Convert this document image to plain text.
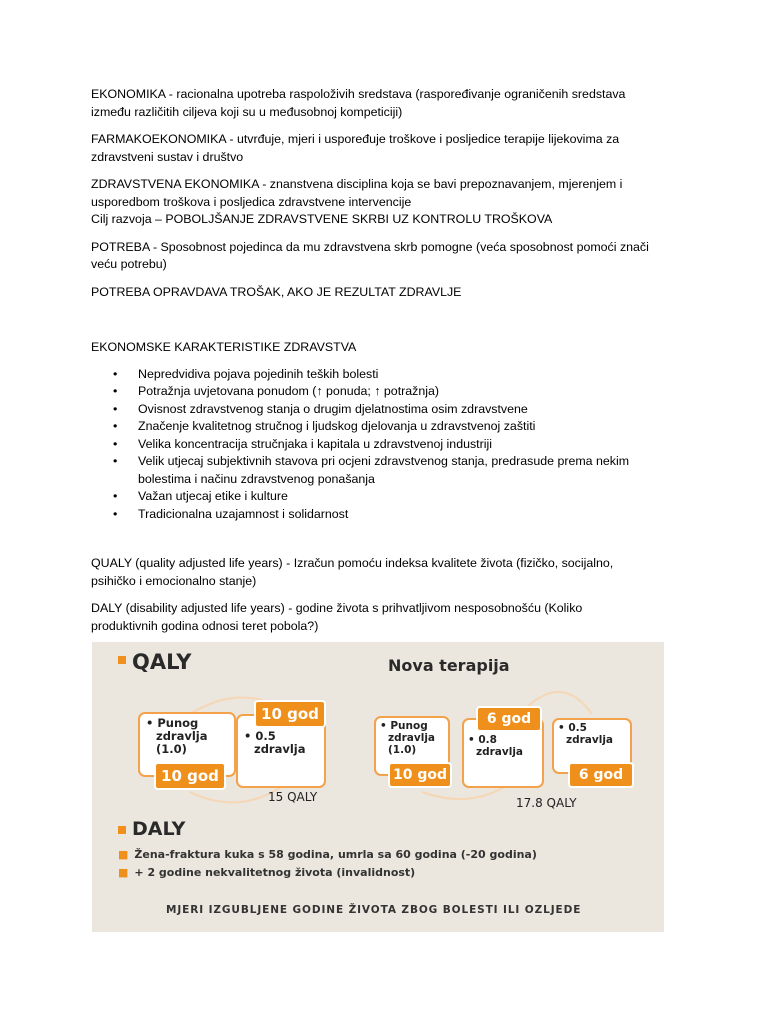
EKONOMIKA - racionalna upotreba raspoloživih sredstava (raspoređivanje ograničenih sredstava
između različitih ciljeva koji su u međusobnoj kompeticiji)
FARMAKOEKONOMIKA - utvrđuje, mjeri i uspoređuje troškove i posljedice terapije lijekovima za
zdravstveni sustav i društvo
ZDRAVSTVENA EKONOMIKA - znanstvena disciplina koja se bavi prepoznavanjem, mjerenjem i
usporedbom troškova i posljedica zdravstvene intervencije
Cilj razvoja – POBOLJŠANJE ZDRAVSTVENE SKRBI UZ KONTROLU TROŠKOVA
POTREBA - Sposobnost pojedinca da mu zdravstvena skrb pomogne (veća sposobnost pomoći znači
veću potrebu)
POTREBA OPRAVDAVA TROŠAK, AKO JE REZULTAT ZDRAVLJE
EKONOMSKE KARAKTERISTIKE ZDRAVSTVA
• Nepredvidiva pojava pojedinih teških bolesti
• Potražnja uvjetovana ponudom (↑ ponuda; ↑ potražnja)
• Ovisnost zdravstvenog stanja o drugim djelatnostima osim zdravstvene
• Značenje kvalitetnog stručnog i ljudskog djelovanja u zdravstvenoj zaštiti
• Velika koncentracija stručnjaka i kapitala u zdravstvenoj industriji
• Velik utjecaj subjektivnih stavova pri ocjeni zdravstvenog stanja, predrasude prema nekim
bolestima i načinu zdravstvenog ponašanja
• Važan utjecaj etike i kulture
• Tradicionalna uzajamnost i solidarnost
QUALY (quality adjusted life years) - Izračun pomoću indeksa kvalitete života (fizičko, socijalno,
psihičko i emocionalno stanje)
DALY (disability adjusted life years) - godine života s prihvatljivom nesposobnošću (Koliko
produktivnih godina odnosi teret pobola?)
QALY	Nova terapija
• Punog
zdravlja
(1.0)
10 god
• 0.5
zdravlja
10 god
15 QALY
• Punog
zdravlja
(1.0)
10 god
• 0.8
zdravlja
6 god
• 0.5
zdravlja
6 god
17.8 QALY
DALY
■ Žena-fraktura kuka s 58 godina, umrla sa 60 godina (-20 godina)
■ + 2 godine nekvalitetnog života (invalidnost)
MJERI IZGUBLJENE GODINE ŽIVOTA ZBOG BOLESTI ILI OZLJEDE
